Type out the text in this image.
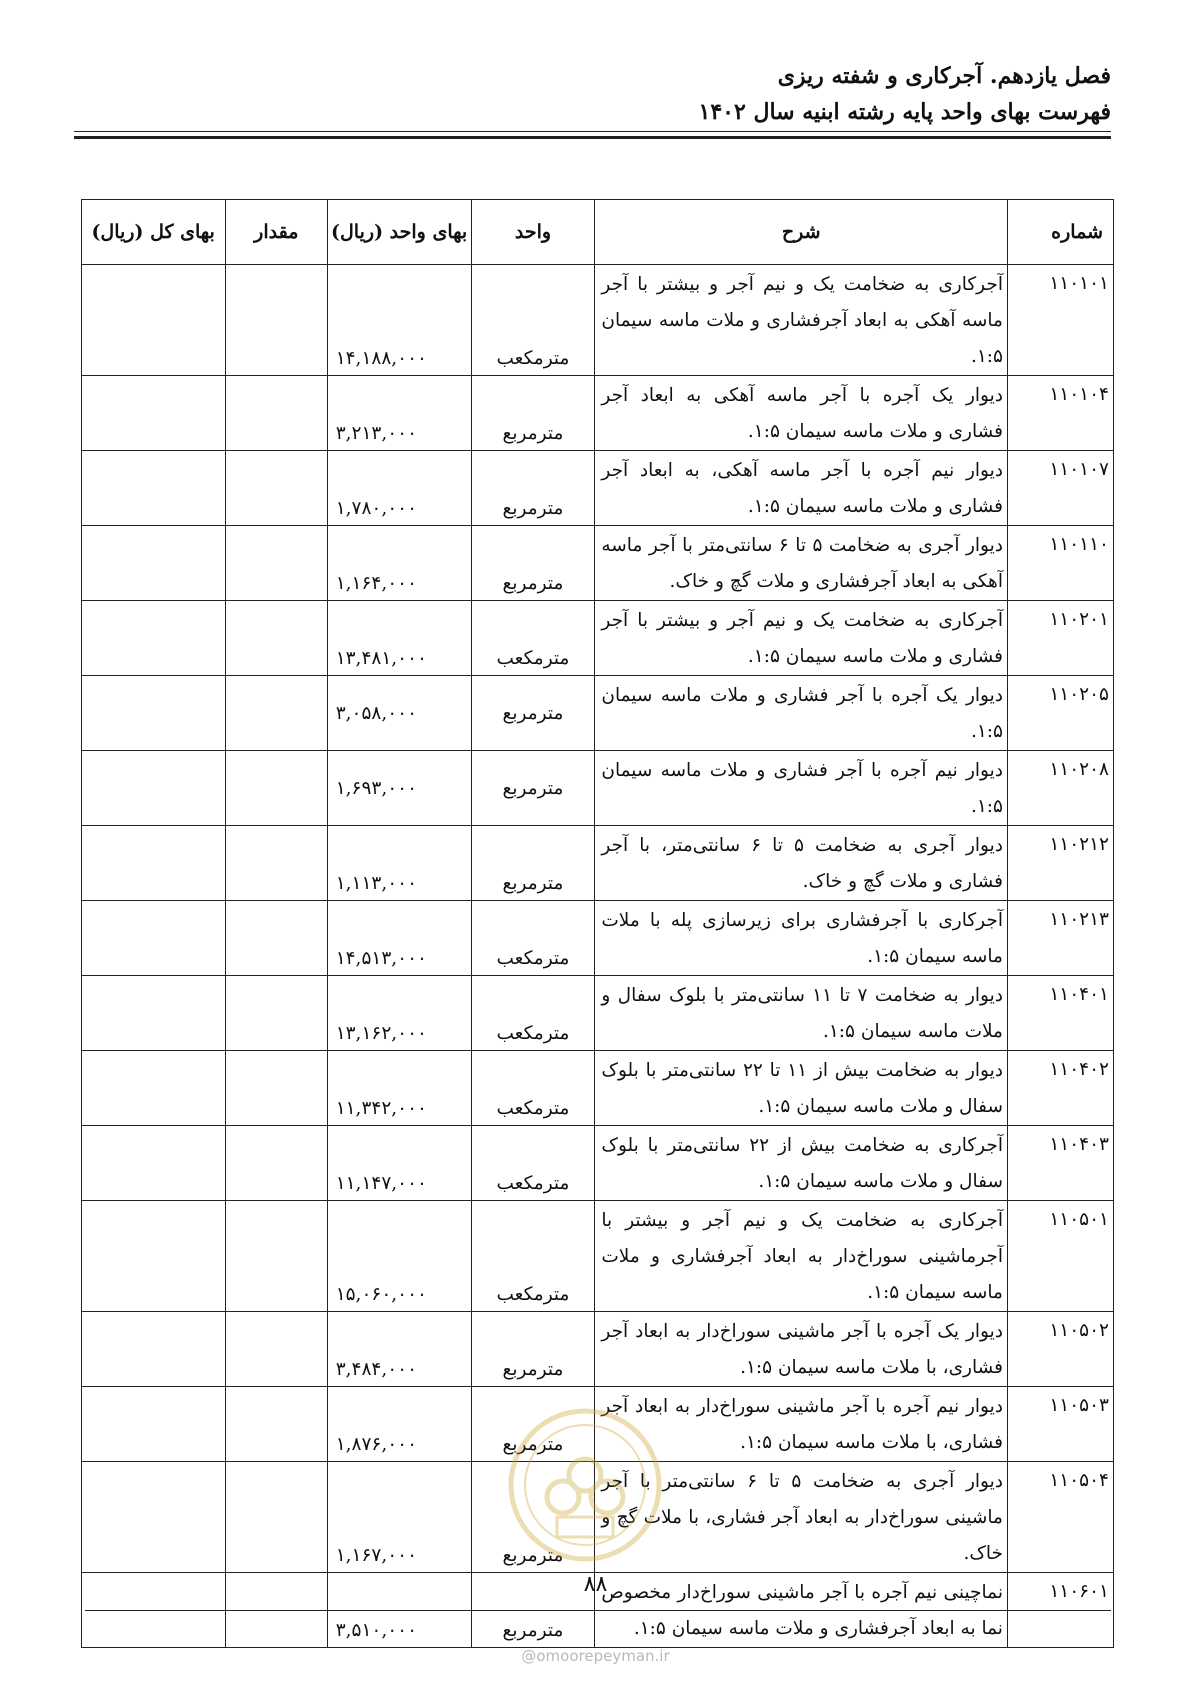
فصل یازدهم. آجرکاری و شفته ریزی
فهرست بهای واحد پایه رشته ابنیه سال ۱۴۰۲
شماره	شرح	واحد	بهای واحد (ریال)	مقدار	بهای کل (ریال)
۱۱۰۱۰۱	آجرکاری به ضخامت یک و نیم آجر و بیشتر با آجر ماسه آهکی به ابعاد آجرفشاری و ملات ماسه سیمان ۱:۵.	مترمکعب	۱۴,۱۸۸,۰۰۰		
۱۱۰۱۰۴	دیوار یک آجره با آجر ماسه آهکی به ابعاد آجر فشاری و ملات ماسه سیمان ۱:۵.	مترمربع	۳,۲۱۳,۰۰۰		
۱۱۰۱۰۷	دیوار نیم آجره با آجر ماسه آهکی، به ابعاد آجر فشاری و ملات ماسه سیمان ۱:۵.	مترمربع	۱,۷۸۰,۰۰۰		
۱۱۰۱۱۰	دیوار آجری به ضخامت ۵ تا ۶ سانتی‌متر با آجر ماسه آهکی به ابعاد آجرفشاری و ملات گچ و خاک.	مترمربع	۱,۱۶۴,۰۰۰		
۱۱۰۲۰۱	آجرکاری به ضخامت یک و نیم آجر و بیشتر با آجر فشاری و ملات ماسه سیمان ۱:۵.	مترمکعب	۱۳,۴۸۱,۰۰۰		
۱۱۰۲۰۵	دیوار یک آجره با آجر فشاری و ملات ماسه سیمان ۱:۵.	مترمربع	۳,۰۵۸,۰۰۰		
۱۱۰۲۰۸	دیوار نیم آجره با آجر فشاری و ملات ماسه سیمان ۱:۵.	مترمربع	۱,۶۹۳,۰۰۰		
۱۱۰۲۱۲	دیوار آجری به ضخامت ۵ تا ۶ سانتی‌متر، با آجر فشاری و ملات گچ و خاک.	مترمربع	۱,۱۱۳,۰۰۰		
۱۱۰۲۱۳	آجرکاری با آجرفشاری برای زیرسازی پله با ملات ماسه سیمان ۱:۵.	مترمکعب	۱۴,۵۱۳,۰۰۰		
۱۱۰۴۰۱	دیوار به ضخامت ۷ تا ۱۱ سانتی‌متر با بلوک سفال و ملات ماسه سیمان ۱:۵.	مترمکعب	۱۳,۱۶۲,۰۰۰		
۱۱۰۴۰۲	دیوار به ضخامت بیش از ۱۱ تا ۲۲ سانتی‌متر با بلوک سفال و ملات ماسه سیمان ۱:۵.	مترمکعب	۱۱,۳۴۲,۰۰۰		
۱۱۰۴۰۳	آجرکاری به ضخامت بیش از ۲۲ سانتی‌متر با بلوک سفال و ملات ماسه سیمان ۱:۵.	مترمکعب	۱۱,۱۴۷,۰۰۰		
۱۱۰۵۰۱	آجرکاری به ضخامت یک و نیم آجر و بیشتر با آجرماشینی سوراخ‌دار به ابعاد آجرفشاری و ملات ماسه سیمان ۱:۵.	مترمکعب	۱۵,۰۶۰,۰۰۰		
۱۱۰۵۰۲	دیوار یک آجره با آجر ماشینی سوراخ‌دار به ابعاد آجر فشاری، با ملات ماسه سیمان ۱:۵.	مترمربع	۳,۴۸۴,۰۰۰		
۱۱۰۵۰۳	دیوار نیم آجره با آجر ماشینی سوراخ‌دار به ابعاد آجر فشاری، با ملات ماسه سیمان ۱:۵.	مترمربع	۱,۸۷۶,۰۰۰		
۱۱۰۵۰۴	دیوار آجری به ضخامت ۵ تا ۶ سانتی‌متر با آجر ماشینی سوراخ‌دار به ابعاد آجر فشاری، با ملات گچ و خاک.	مترمربع	۱,۱۶۷,۰۰۰		
۱۱۰۶۰۱	نماچینی نیم آجره با آجر ماشینی سوراخ‌دار مخصوص نما به ابعاد آجرفشاری و ملات ماسه سیمان ۱:۵.	مترمربع	۳,۵۱۰,۰۰۰		
۸۸
@omoorepeyman.ir
